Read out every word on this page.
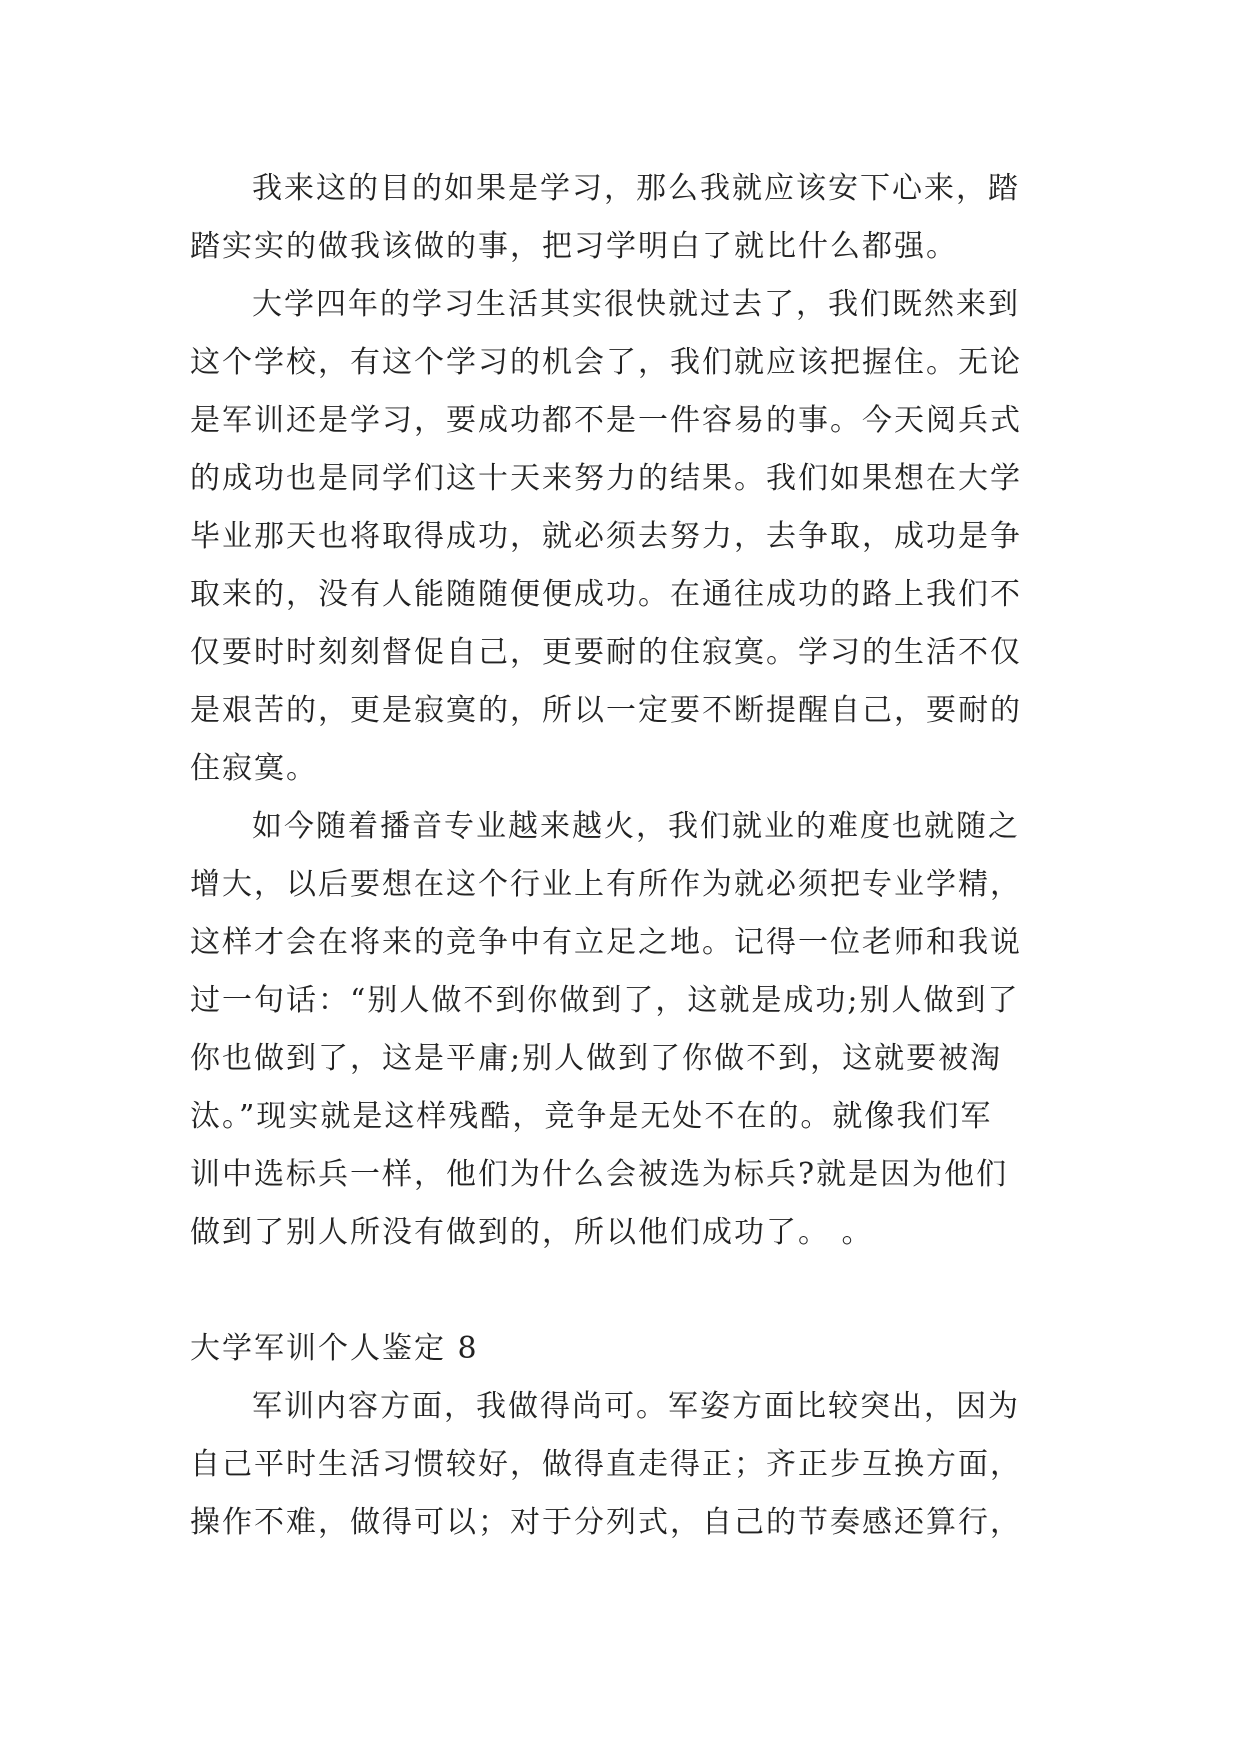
我来这的目的如果是学习，那么我就应该安下心来，踏
踏实实的做我该做的事，把习学明白了就比什么都强。
大学四年的学习生活其实很快就过去了，我们既然来到
这个学校，有这个学习的机会了，我们就应该把握住。无论
是军训还是学习，要成功都不是一件容易的事。今天阅兵式
的成功也是同学们这十天来努力的结果。我们如果想在大学
毕业那天也将取得成功，就必须去努力，去争取，成功是争
取来的，没有人能随随便便成功。在通往成功的路上我们不
仅要时时刻刻督促自己，更要耐的住寂寞。学习的生活不仅
是艰苦的，更是寂寞的，所以一定要不断提醒自己，要耐的
住寂寞。
如今随着播音专业越来越火，我们就业的难度也就随之
增大，以后要想在这个行业上有所作为就必须把专业学精，
这样才会在将来的竞争中有立足之地。记得一位老师和我说
过一句话：“别人做不到你做到了，这就是成功;别人做到了
你也做到了，这是平庸;别人做到了你做不到，这就要被淘
汰。”现实就是这样残酷，竞争是无处不在的。就像我们军
训中选标兵一样，他们为什么会被选为标兵?就是因为他们
做到了别人所没有做到的，所以他们成功了。 。
大学军训个人鉴定 8
军训内容方面，我做得尚可。军姿方面比较突出，因为
自己平时生活习惯较好，做得直走得正；齐正步互换方面，
操作不难，做得可以；对于分列式，自己的节奏感还算行，
